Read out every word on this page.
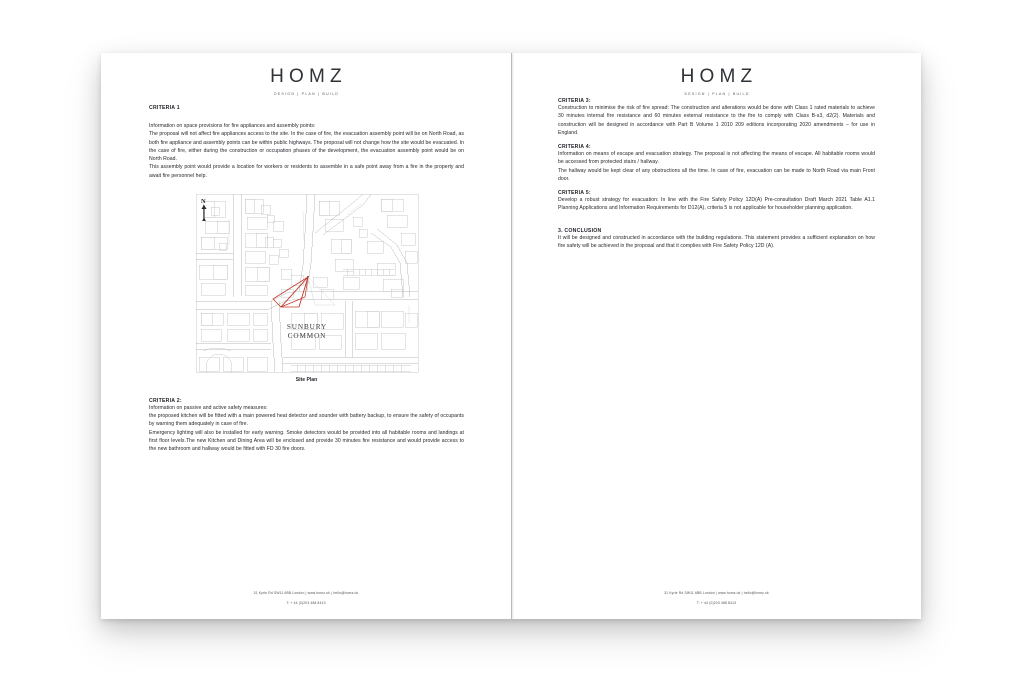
HOMZ
DESIGN | PLAN | BUILD
CRITERIA 1

Information on space provisions for fire appliances and assembly points:

The proposal will not affect fire appliances access to the site. In the case of fire, the evacuation assembly point will be on North Road, as both fire appliance and assembly points can be within public highways. The proposal will not change how the site would be evacuated. In the case of fire, either during the construction or occupation phases of the development, the evacuation assembly point would be on North Road.

This assembly point would provide a location for workers or residents to assemble in a safe point away from a fire in the property and await fire personnel help.

N
SUNBURY
COMMON
Site Plan
CRITERIA 2:

Information on passive and active safety measures:

the proposed kitchen will be fitted with a main powered heat detector and sounder with battery backup, to ensure the safety of occupants by warning them adequately in case of fire.

Emergency lighting will also be installed for early warning. Smoke detectors would be provided into all habitable rooms and landings at first floor levels.The new Kitchen and Dining Area will be enclosed and provide 30 minutes fire resistance and would provide access to the new bathroom and hallway would be fitted with FD 30 fire doors.

31 Kyrle Rd SW11 6BB London | www.homz.uk | hello@homz.uk
T: + 44 (0)203 488 8413
HOMZ
DESIGN | PLAN | BUILD
CRITERIA 3:

Construction to minimise the risk of fire spread: The construction and alterations would be done with Class 1 rated materials to achieve 30 minutes internal fire resistance and 60 minutes external resistance to the fire to comply with Class B-s3, d2(2). Materials and construction will be designed in accordance with Part B Volume 1 2010 209 editions incorporating 2020 amendments – for use in England.

CRITERIA 4:

Information on means of escape and evacuation strategy. The proposal is not affecting the means of escape. All habitable rooms would be accessed from protected stairs / hallway.

The hallway would be kept clear of any obstructions all the time. In case of fire, evacuation can be made to North Road via main Front door.

CRITERIA 5:

Develop a robust strategy for evacuation: In line with the Fire Safety Policy 12D(A) Pre-consultation Draft March 2021 Table A1.1 Planning Applications and Information Requirements for D12(A), criteria 5 is not applicable for householder planning application.

3. CONCLUSION

It will be designed and constructed in accordance with the building regulations. This statement provides a sufficient explanation on how fire safety will be achieved in the proposal and that it complies with Fire Safety Policy 12D (A).

31 Kyrle Rd SW11 6BB London | www.homz.uk | hello@homz.uk
T: + 44 (0)203 488 8413
